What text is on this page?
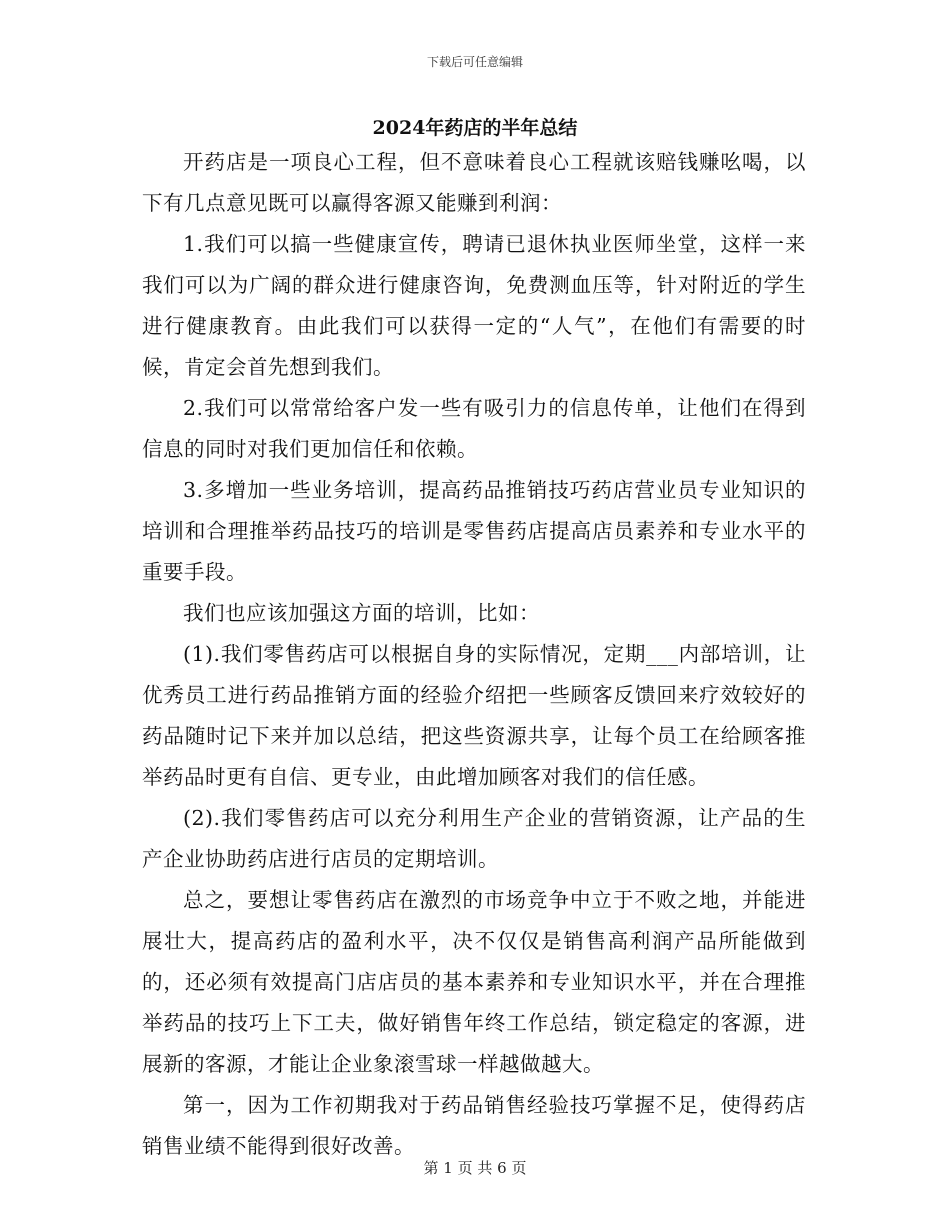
下载后可任意编辑
2024年药店的半年总结

开药店是一项良心工程，但不意味着良心工程就该赔钱赚吆喝，以下有几点意见既可以赢得客源又能赚到利润：

1.我们可以搞一些健康宣传，聘请已退休执业医师坐堂，这样一来我们可以为广阔的群众进行健康咨询，免费测血压等，针对附近的学生进行健康教育。由此我们可以获得一定的“人气”，在他们有需要的时候，肯定会首先想到我们。

2.我们可以常常给客户发一些有吸引力的信息传单，让他们在得到信息的同时对我们更加信任和依赖。

3.多增加一些业务培训，提高药品推销技巧药店营业员专业知识的培训和合理推举药品技巧的培训是零售药店提高店员素养和专业水平的重要手段。

我们也应该加强这方面的培训，比如：

(1).我们零售药店可以根据自身的实际情况，定期___内部培训，让优秀员工进行药品推销方面的经验介绍把一些顾客反馈回来疗效较好的药品随时记下来并加以总结，把这些资源共享，让每个员工在给顾客推举药品时更有自信、更专业，由此增加顾客对我们的信任感。

(2).我们零售药店可以充分利用生产企业的营销资源，让产品的生产企业协助药店进行店员的定期培训。

总之，要想让零售药店在激烈的市场竞争中立于不败之地，并能进展壮大，提高药店的盈利水平，决不仅仅是销售高利润产品所能做到的，还必须有效提高门店店员的基本素养和专业知识水平，并在合理推举药品的技巧上下工夫，做好销售年终工作总结，锁定稳定的客源，进展新的客源，才能让企业象滚雪球一样越做越大。

第一，因为工作初期我对于药品销售经验技巧掌握不足，使得药店销售业绩不能得到很好改善。

第 1 页 共 6 页
